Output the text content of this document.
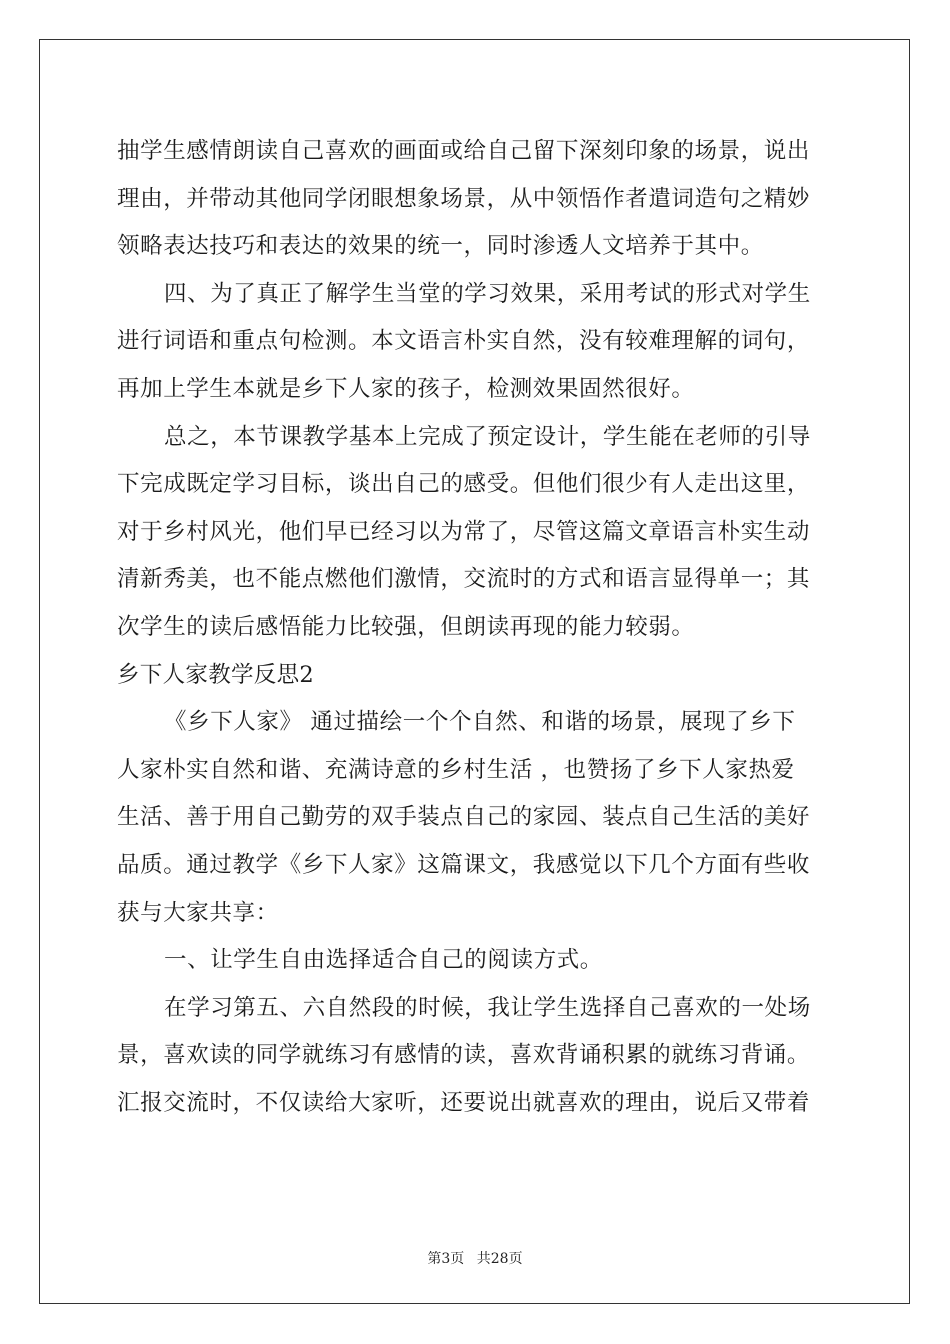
抽学生感情朗读自己喜欢的画面或给自己留下深刻印象的场景，说出
理由，并带动其他同学闭眼想象场景，从中领悟作者遣词造句之精妙
领略表达技巧和表达的效果的统一，同时渗透人文培养于其中。
四、为了真正了解学生当堂的学习效果，采用考试的形式对学生
进行词语和重点句检测。本文语言朴实自然，没有较难理解的词句，
再加上学生本就是乡下人家的孩子，检测效果固然很好。
总之，本节课教学基本上完成了预定设计，学生能在老师的引导
下完成既定学习目标，谈出自己的感受。但他们很少有人走出这里，
对于乡村风光，他们早已经习以为常了，尽管这篇文章语言朴实生动
清新秀美，也不能点燃他们激情，交流时的方式和语言显得单一；其
次学生的读后感悟能力比较强，但朗读再现的能力较弱。
乡下人家教学反思2
《乡下人家》 通过描绘一个个自然、和谐的场景，展现了乡下
人家朴实自然和谐、充满诗意的乡村生活 ，也赞扬了乡下人家热爱
生活、善于用自己勤劳的双手装点自己的家园、装点自己生活的美好
品质。通过教学《乡下人家》这篇课文，我感觉以下几个方面有些收
获与大家共享：
一、让学生自由选择适合自己的阅读方式。
在学习第五、六自然段的时候，我让学生选择自己喜欢的一处场
景，喜欢读的同学就练习有感情的读，喜欢背诵积累的就练习背诵。
汇报交流时，不仅读给大家听，还要说出就喜欢的理由，说后又带着
第3页 共28页
